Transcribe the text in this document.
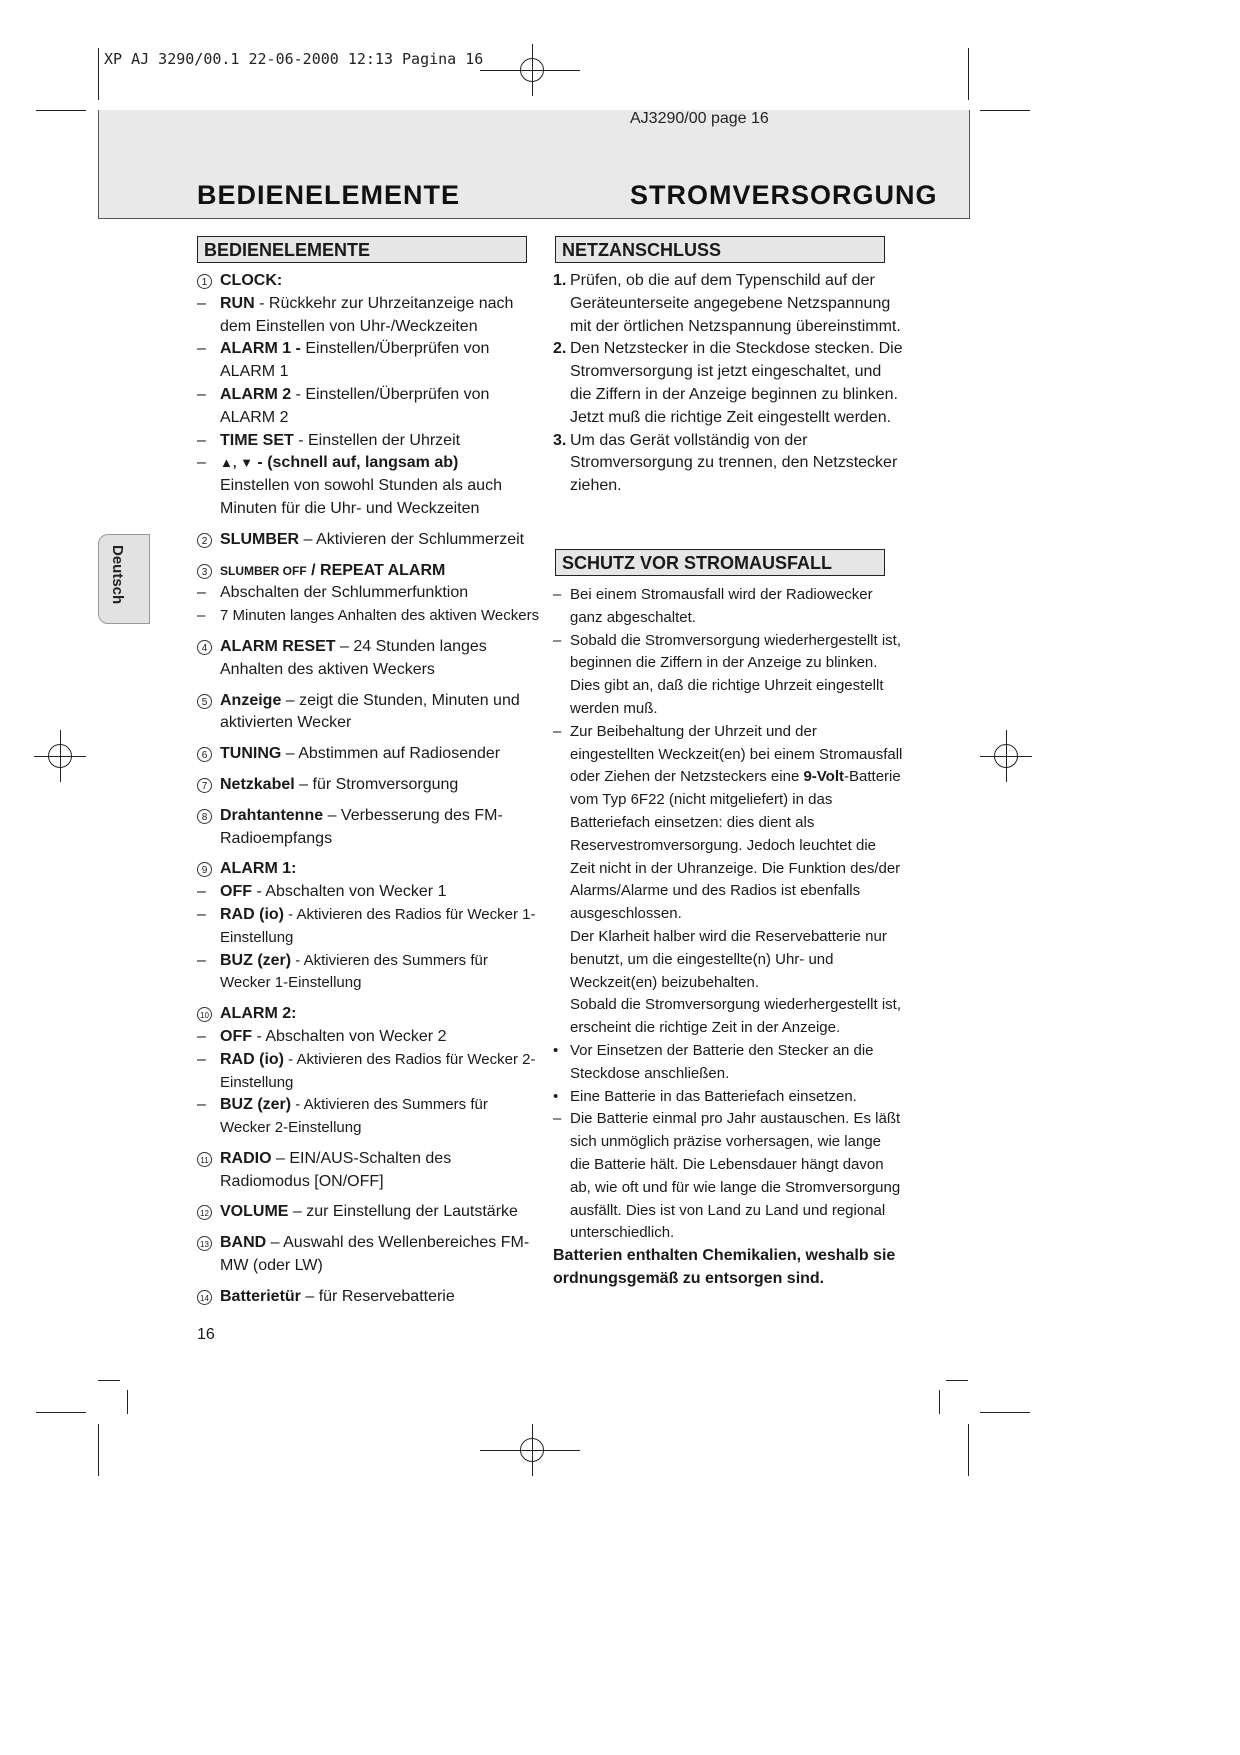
XP AJ 3290/00.1 22-06-2000 12:13 Pagina 16
AJ3290/00 page 16
BEDIENELEMENTE	STROMVERSORGUNG
Deutsch
BEDIENELEMENTE

1 CLOCK:

– RUN - Rückkehr zur Uhrzeitanzeige nach dem Einstellen von Uhr-/Weckzeiten

– ALARM 1 - Einstellen/Überprüfen von ALARM 1

– ALARM 2 - Einstellen/Überprüfen von ALARM 2

– TIME SET - Einstellen der Uhrzeit

– ▲, ▼ - (schnell auf, langsam ab)
Einstellen von sowohl Stunden als auch Minuten für die Uhr- und Weckzeiten

2 SLUMBER – Aktivieren der Schlummerzeit

3	SLUMBER OFF / REPEAT ALARM

– Abschalten der Schlummerfunktion

– 7 Minuten langes Anhalten des aktiven Weckers

4 ALARM RESET – 24 Stunden langes Anhalten des aktiven Weckers

5 Anzeige – zeigt die Stunden, Minuten und aktivierten Wecker

6 TUNING – Abstimmen auf Radiosender

7 Netzkabel – für Stromversorgung

8 Drahtantenne – Verbesserung des FM-Radioempfangs

9 ALARM 1:

– OFF - Abschalten von Wecker 1

– RAD (io) - Aktivieren des Radios für Wecker 1-Einstellung

– BUZ (zer) - Aktivieren des Summers für Wecker 1-Einstellung

10 ALARM 2:

– OFF - Abschalten von Wecker 2

– RAD (io) - Aktivieren des Radios für Wecker 2-Einstellung

– BUZ (zer) - Aktivieren des Summers für Wecker 2-Einstellung

11 RADIO – EIN/AUS-Schalten des Radiomodus [ON/OFF]

12 VOLUME – zur Einstellung der Lautstärke

13 BAND – Auswahl des Wellenbereiches FM-MW (oder LW)

14 Batterietür – für Reservebatterie

16
NETZANSCHLUSS

1. Prüfen, ob die auf dem Typenschild auf der Geräteunterseite angegebene Netzspannung mit der örtlichen Netzspannung übereinstimmt.

2. Den Netzstecker in die Steckdose stecken. Die Stromversorgung ist jetzt eingeschaltet, und die Ziffern in der Anzeige beginnen zu blinken. Jetzt muß die richtige Zeit eingestellt werden.

3. Um das Gerät vollständig von der Stromversorgung zu trennen, den Netzstecker ziehen.

SCHUTZ VOR STROMAUSFALL

– Bei einem Stromausfall wird der Radiowecker ganz abgeschaltet.

– Sobald die Stromversorgung wiederhergestellt ist, beginnen die Ziffern in der Anzeige zu blinken. Dies gibt an, daß die richtige Uhrzeit eingestellt werden muß.

– Zur Beibehaltung der Uhrzeit und der eingestellten Weckzeit(en) bei einem Stromausfall oder Ziehen der Netzsteckers eine 9-Volt-Batterie vom Typ 6F22 (nicht mitgeliefert) in das Batteriefach einsetzen: dies dient als Reservestromversorgung. Jedoch leuchtet die Zeit nicht in der Uhranzeige. Die Funktion des/der Alarms/Alarme und des Radios ist ebenfalls ausgeschlossen.
Der Klarheit halber wird die Reservebatterie nur benutzt, um die eingestellte(n) Uhr- und Weckzeit(en) beizubehalten.
Sobald die Stromversorgung wiederhergestellt ist, erscheint die richtige Zeit in der Anzeige.

• Vor Einsetzen der Batterie den Stecker an die Steckdose anschließen.

• Eine Batterie in das Batteriefach einsetzen.

– Die Batterie einmal pro Jahr austauschen. Es läßt sich unmöglich präzise vorhersagen, wie lange die Batterie hält. Die Lebensdauer hängt davon ab, wie oft und für wie lange die Stromversorgung ausfällt. Dies ist von Land zu Land und regional unterschiedlich.

Batterien enthalten Chemikalien, weshalb sie ordnungsgemäß zu entsorgen sind.
